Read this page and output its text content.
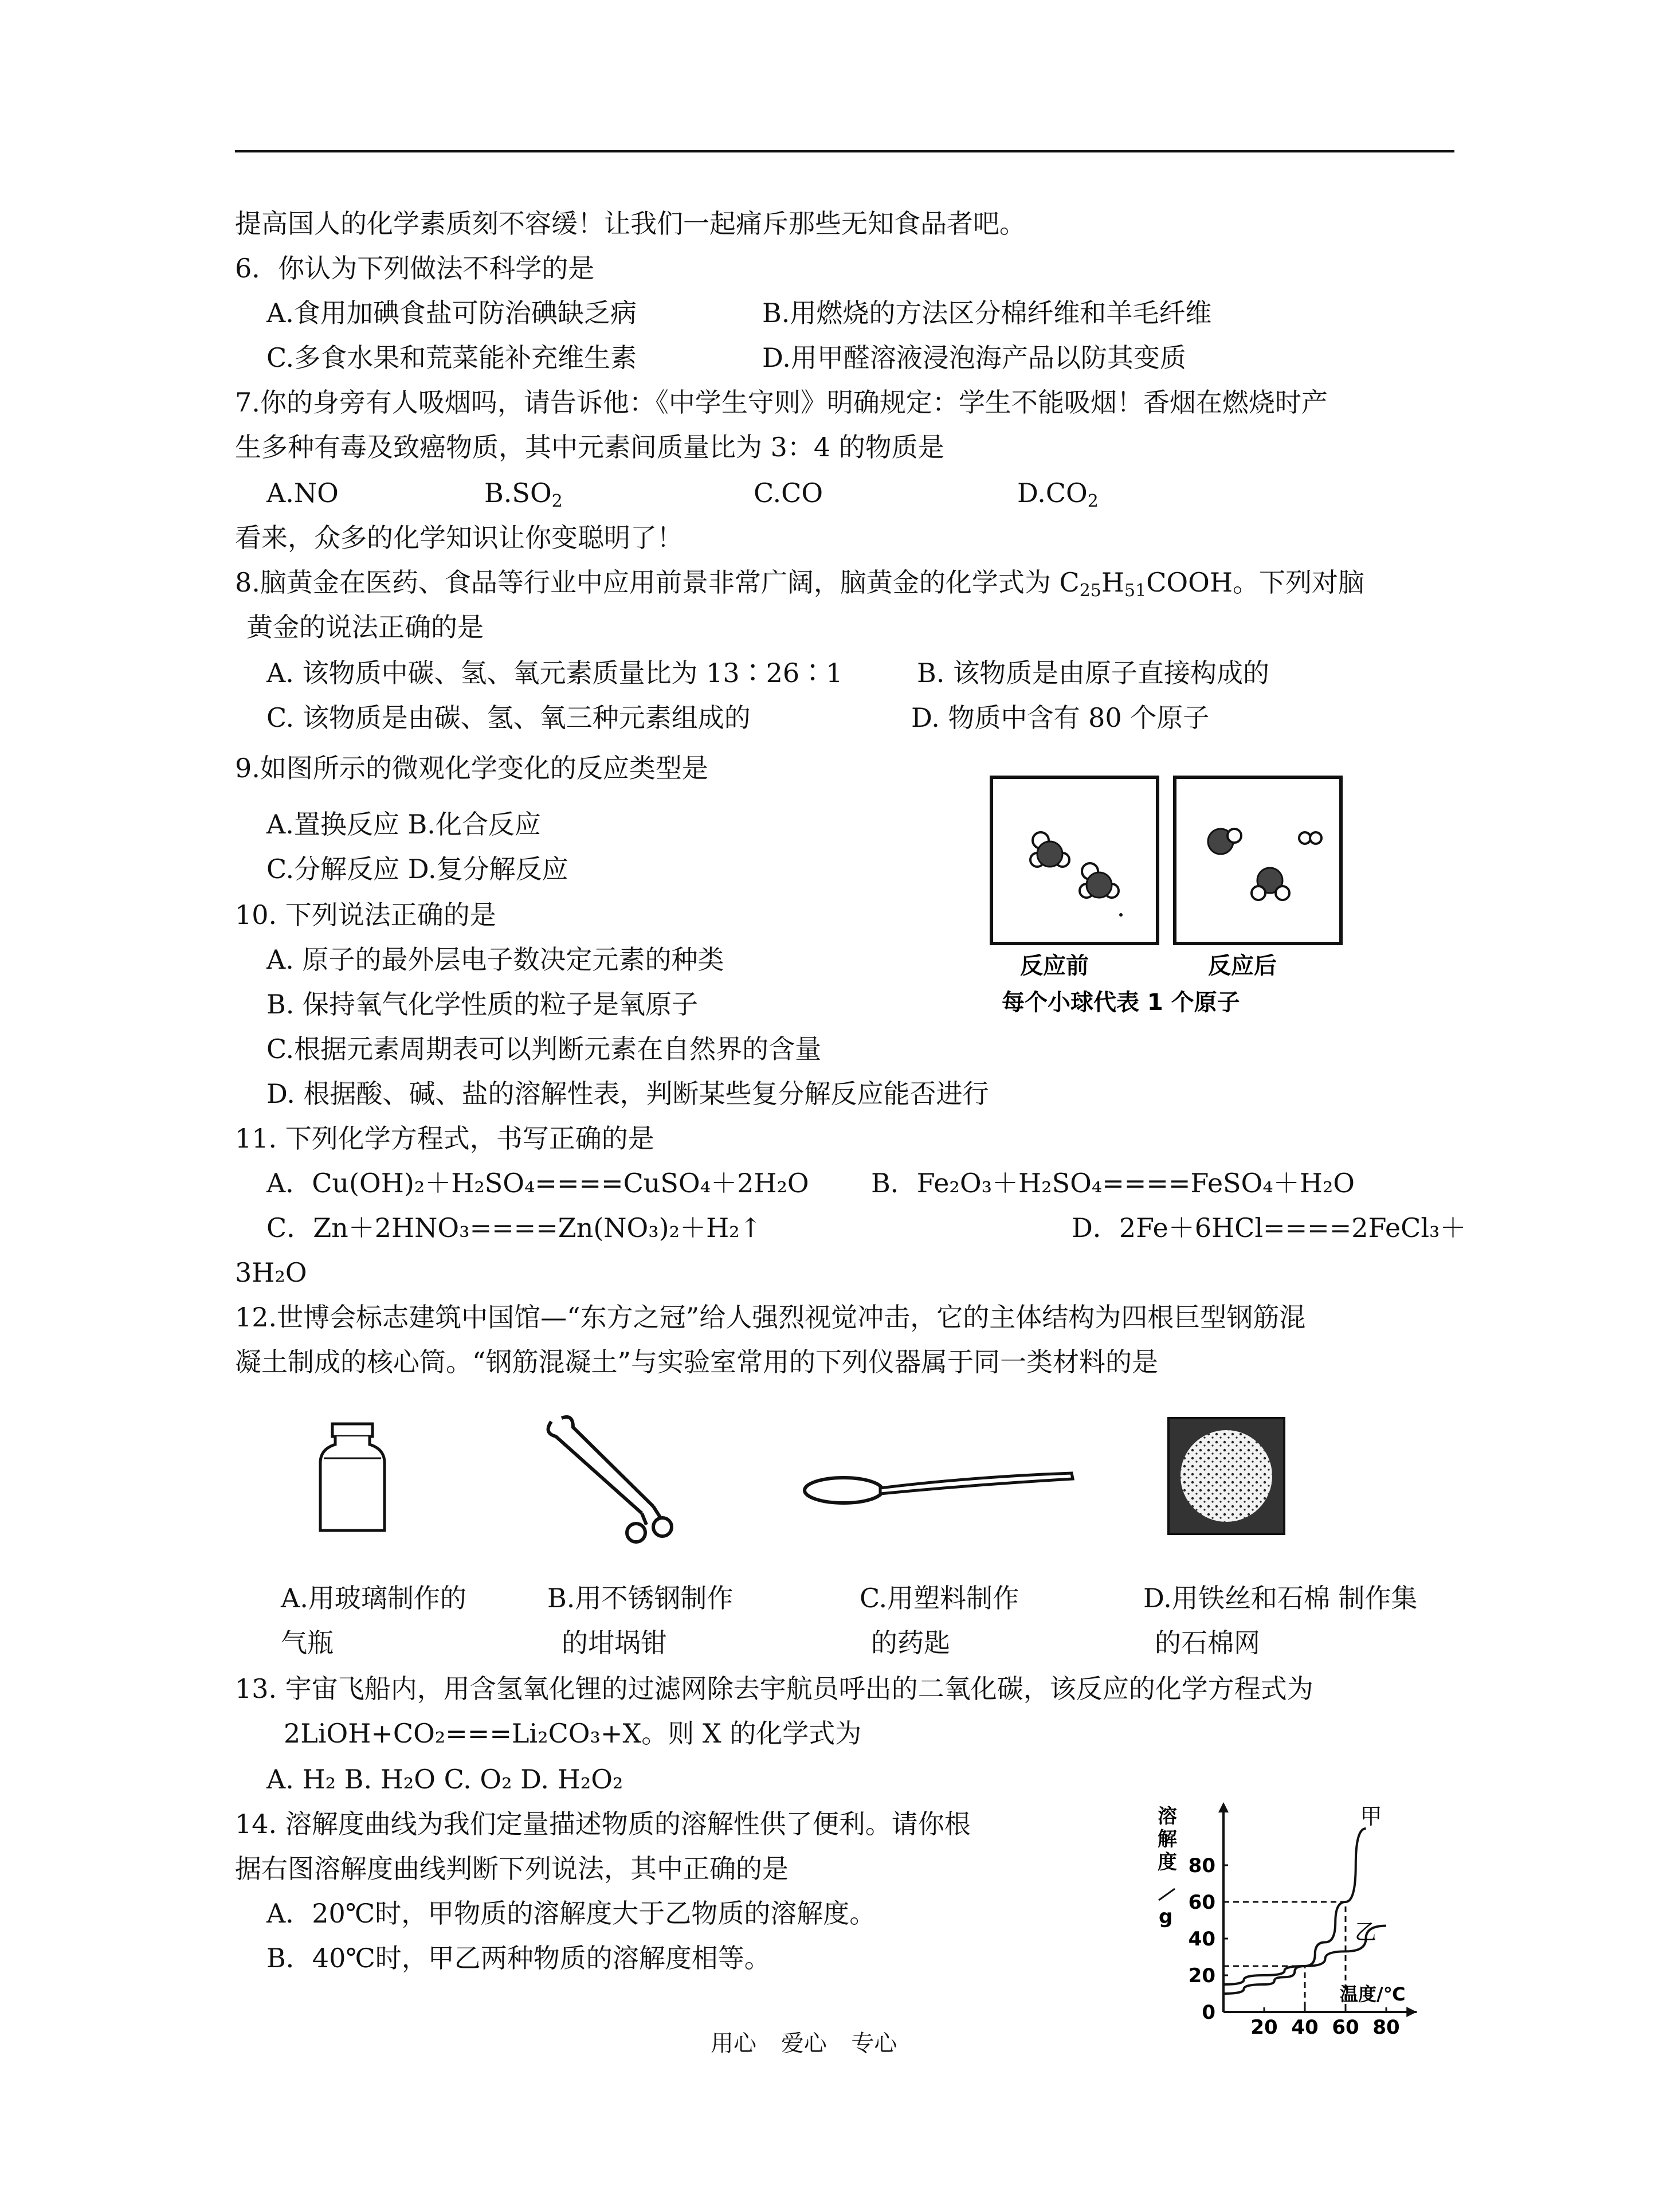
提高国人的化学素质刻不容缓！让我们一起痛斥那些无知食品者吧。
6．你认为下列做法不科学的是
A.食用加碘食盐可防治碘缺乏病	B.用燃烧的方法区分棉纤维和羊毛纤维
C.多食水果和荒菜能补充维生素	D.用甲醛溶液浸泡海产品以防其变质
7.你的身旁有人吸烟吗，请告诉他：《中学生守则》明确规定：学生不能吸烟！香烟在燃烧时产
生多种有毒及致癌物质，其中元素间质量比为 3：4 的物质是
A.NO	$B.SO_2$	C.CO	$D.CO_2$
看来，众多的化学知识让你变聪明了！
8.脑黄金在医药、食品等行业中应用前景非常广阔，脑黄金的化学式为 $C_{25}H_{51}COOH$。下列对脑
黄金的说法正确的是
A. 该物质中碳、氢、氧元素质量比为 13∶26∶1	B. 该物质是由原子直接构成的
C. 该物质是由碳、氢、氧三种元素组成的	D. 物质中含有 80 个原子
9.如图所示的微观化学变化的反应类型是
A.置换反应 B.化合反应
C.分解反应 D.复分解反应
反应前	反应后
每个小球代表 1 个原子
10. 下列说法正确的是
A. 原子的最外层电子数决定元素的种类
B. 保持氧气化学性质的粒子是氧原子
C.根据元素周期表可以判断元素在自然界的含量
D. 根据酸、碱、盐的溶解性表，判断某些复分解反应能否进行
11. 下列化学方程式，书写正确的是
A．Cu(OH)₂＋H₂SO₄====CuSO₄＋2H₂O B．Fe₂O₃＋H₂SO₄====FeSO₄＋H₂O
C．Zn＋2HNO₃====Zn(NO₃)₂＋H₂↑	D．2Fe＋6HCl====2FeCl₃＋
3H₂O
12.世博会标志建筑中国馆—“东方之冠”给人强烈视觉冲击，它的主体结构为四根巨型钢筋混
凝土制成的核心筒。“钢筋混凝土”与实验室常用的下列仪器属于同一类材料的是
A.用玻璃制作的
气瓶
B.用不锈钢制作
的坩埚钳
C.用塑料制作
的药匙
D.用铁丝和石棉 制作集
的石棉网
13. 宇宙飞船内，用含氢氧化锂的过滤网除去宇航员呼出的二氧化碳，该反应的化学方程式为
2LiOH+CO₂===Li₂CO₃+X。则 X 的化学式为
A. H₂ B. H₂O C. O₂ D. H₂O₂
14. 溶解度曲线为我们定量描述物质的溶解性供了便利。请你根
据右图溶解度曲线判断下列说法，其中正确的是
A．20℃时，甲物质的溶解度大于乙物质的溶解度。
B．40℃时，甲乙两种物质的溶解度相等。
20 40 60 80
0
20
40
60
80
甲
乙
溶
解
度
g
温度/℃
用心 爱心 专心
